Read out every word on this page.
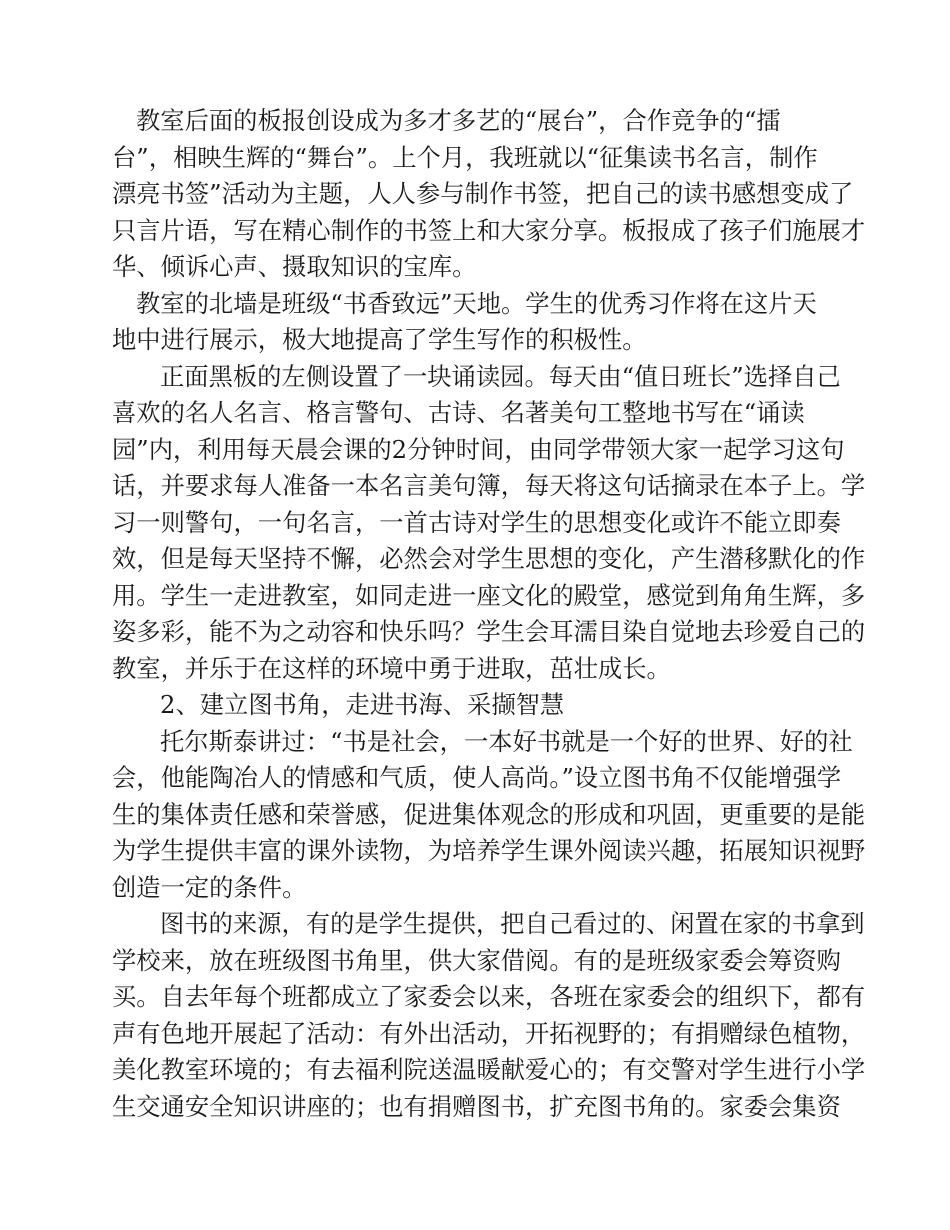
教室后面的板报创设成为多才多艺的“展台”，合作竞争的“擂
台”，相映生辉的“舞台”。上个月，我班就以“征集读书名言，制作
漂亮书签”活动为主题，人人参与制作书签，把自己的读书感想变成了
只言片语，写在精心制作的书签上和大家分享。板报成了孩子们施展才
华、倾诉心声、摄取知识的宝库。
教室的北墙是班级“书香致远”天地。学生的优秀习作将在这片天
地中进行展示，极大地提高了学生写作的积极性。
正面黑板的左侧设置了一块诵读园。每天由“值日班长”选择自己
喜欢的名人名言、格言警句、古诗、名著美句工整地书写在“诵读
园”内，利用每天晨会课的2分钟时间，由同学带领大家一起学习这句
话，并要求每人准备一本名言美句簿，每天将这句话摘录在本子上。学
习一则警句，一句名言，一首古诗对学生的思想变化或许不能立即奏
效，但是每天坚持不懈，必然会对学生思想的变化，产生潜移默化的作
用。学生一走进教室，如同走进一座文化的殿堂，感觉到角角生辉，多
姿多彩，能不为之动容和快乐吗？学生会耳濡目染自觉地去珍爱自己的
教室，并乐于在这样的环境中勇于进取，茁壮成长。
2、建立图书角，走进书海、采撷智慧
托尔斯泰讲过：“书是社会，一本好书就是一个好的世界、好的社
会，他能陶冶人的情感和气质，使人高尚。”设立图书角不仅能增强学
生的集体责任感和荣誉感，促进集体观念的形成和巩固，更重要的是能
为学生提供丰富的课外读物，为培养学生课外阅读兴趣，拓展知识视野
创造一定的条件。
图书的来源，有的是学生提供，把自己看过的、闲置在家的书拿到
学校来，放在班级图书角里，供大家借阅。有的是班级家委会筹资购
买。自去年每个班都成立了家委会以来，各班在家委会的组织下，都有
声有色地开展起了活动：有外出活动，开拓视野的；有捐赠绿色植物，
美化教室环境的；有去福利院送温暖献爱心的；有交警对学生进行小学
生交通安全知识讲座的；也有捐赠图书，扩充图书角的。家委会集资
